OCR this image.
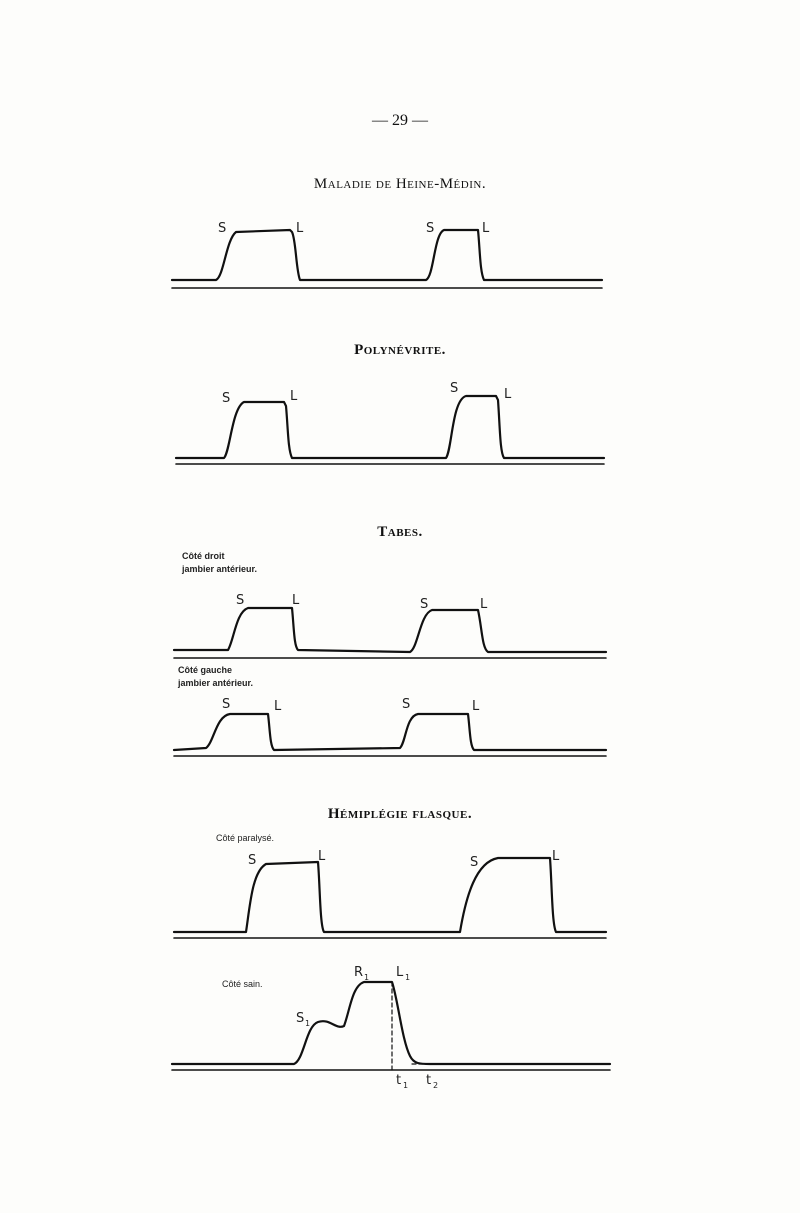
— 29 —
Maladie de Heine-Médin.
S	L	S	L
Polynévrite.
S	L
S	L
Tabes.
Côté droit
jambier antérieur.
S	L	S	L
Côté gauche
jambier antérieur.
S	L	S	L
Hémiplégie flasque.
Côté paralysé.
S	L	S	L
Côté sain.
S 1
R 1 L 1
t 1 t 2
